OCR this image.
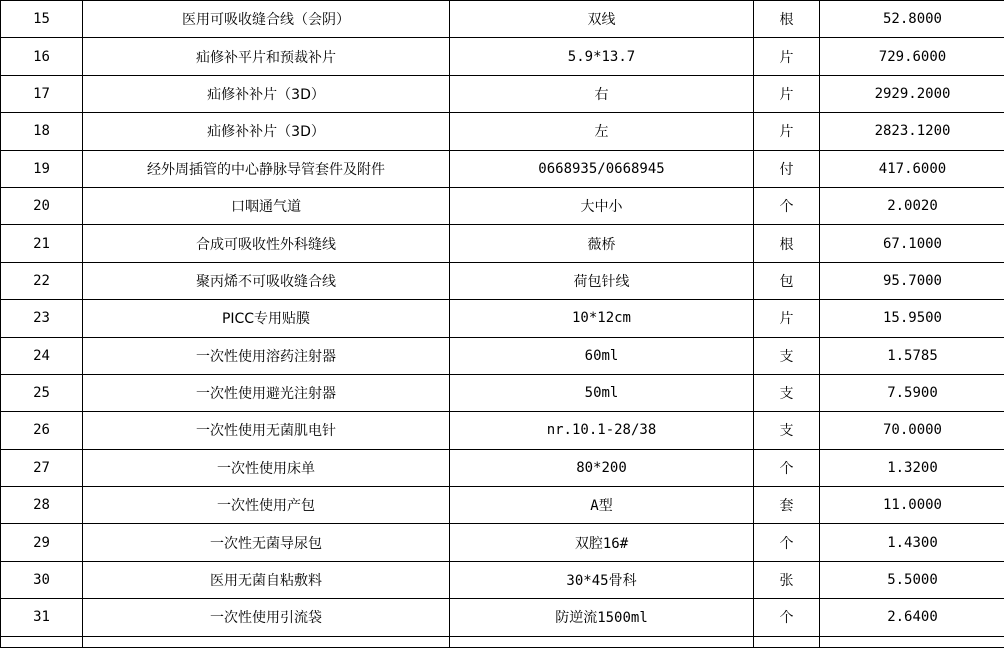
15	医用可吸收缝合线（会阴）	双线	根	52.8000
16	疝修补平片和预裁补片	5.9*13.7	片	729.6000
17	疝修补补片（3D）	右	片	2929.2000
18	疝修补补片（3D）	左	片	2823.1200
19	经外周插管的中心静脉导管套件及附件	0668935/0668945	付	417.6000
20	口咽通气道	大中小	个	2.0020
21	合成可吸收性外科缝线	薇桥	根	67.1000
22	聚丙烯不可吸收缝合线	荷包针线	包	95.7000
23	PICC专用贴膜	10*12cm	片	15.9500
24	一次性使用溶药注射器	60ml	支	1.5785
25	一次性使用避光注射器	50ml	支	7.5900
26	一次性使用无菌肌电针	nr.10.1-28/38	支	70.0000
27	一次性使用床单	80*200	个	1.3200
28	一次性使用产包	A型	套	11.0000
29	一次性无菌导尿包	双腔16#	个	1.4300
30	医用无菌自粘敷料	30*45骨科	张	5.5000
31	一次性使用引流袋	防逆流1500ml	个	2.6400
